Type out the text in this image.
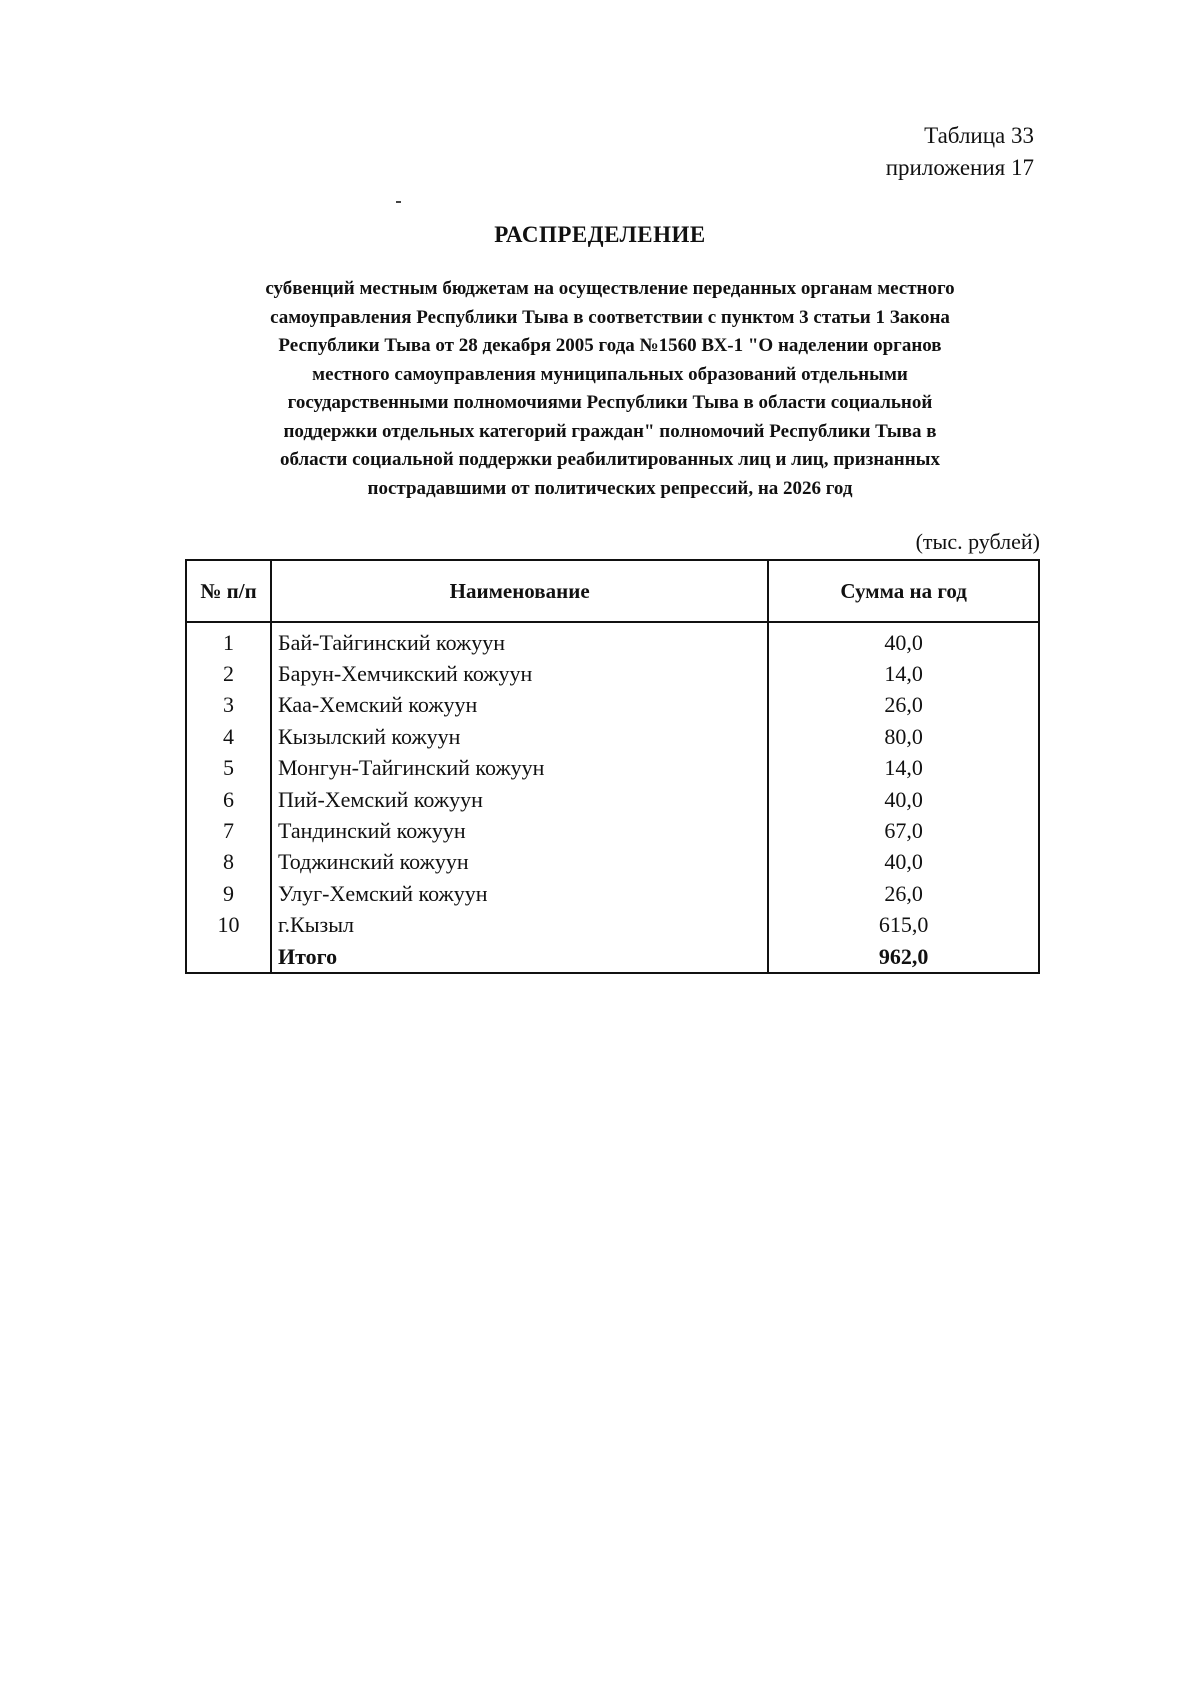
Таблица 33
приложения 17
РАСПРЕДЕЛЕНИЕ
субвенций местным бюджетам на осуществление переданных органам местного
самоуправления Республики Тыва в соответствии с пунктом 3 статьи 1 Закона
Республики Тыва от 28 декабря 2005 года №1560 ВХ-1 "О наделении органов
местного самоуправления муниципальных образований отдельными
государственными полномочиями Республики Тыва в области социальной
поддержки отдельных категорий граждан" полномочий Республики Тыва в
области социальной поддержки реабилитированных лиц и лиц, признанных
пострадавшими от политических репрессий, на 2026 год
(тыс. рублей)
№ п/п	Наименование	Сумма на год
1	Бай-Тайгинский кожуун	40,0
2	Барун-Хемчикский кожуун	14,0
3	Каа-Хемский кожуун	26,0
4	Кызылский кожуун	80,0
5	Монгун-Тайгинский кожуун	14,0
6	Пий-Хемский кожуун	40,0
7	Тандинский кожуун	67,0
8	Тоджинский кожуун	40,0
9	Улуг-Хемский кожуун	26,0
10	г.Кызыл	615,0
	Итого	962,0
